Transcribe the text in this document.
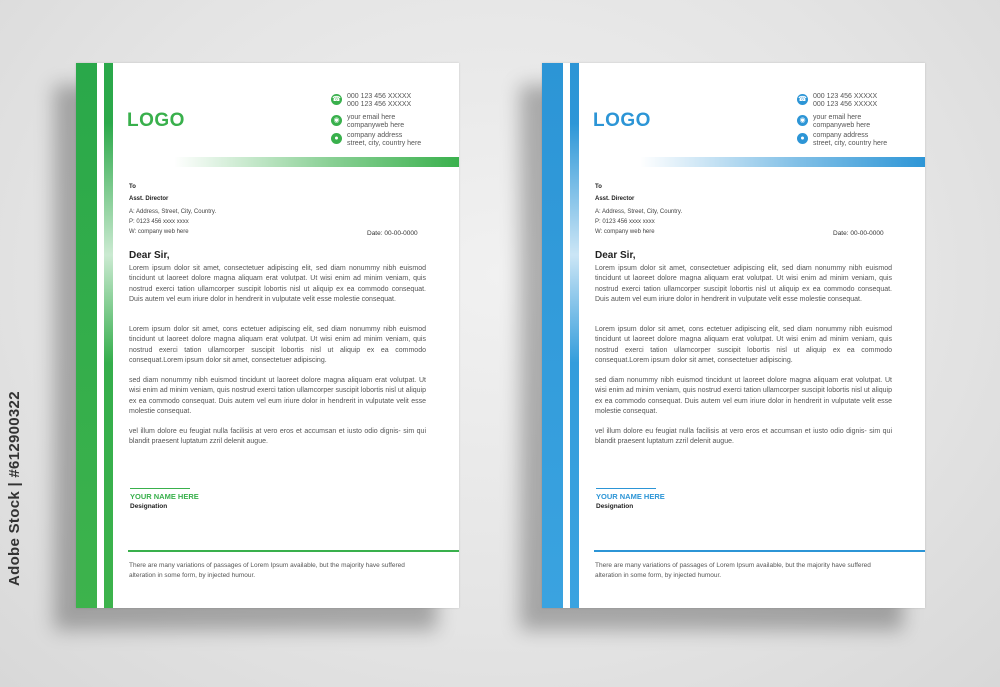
Adobe Stock | #612900322
LOGO
☎ 000 123 456 XXXXX
000 123 456 XXXXX
◉	your email here
companyweb here
●	company address
street, city, country here
To
Asst. Director
A: Address, Street, City, Country.
P: 0123 456 xxxx xxxx
W: company web here	Date: 00-00-0000
Dear Sir,
Lorem ipsum dolor sit amet, consectetuer adipiscing elit, sed diam nonummy nibh euismod tincidunt ut laoreet dolore magna aliquam erat volutpat. Ut wisi enim ad minim veniam, quis nostrud exerci tation ullamcorper suscipit lobortis nisl ut aliquip ex ea commodo consequat. Duis autem vel eum iriure dolor in hendrerit in vulputate velit esse molestie consequat.
Lorem ipsum dolor sit amet, cons ectetuer adipiscing elit, sed diam nonummy nibh euismod tincidunt ut laoreet dolore magna aliquam erat volutpat. Ut wisi enim ad minim veniam, quis nostrud exerci tation ullamcorper suscipit lobortis nisl ut aliquip ex ea commodo consequat.Lorem ipsum dolor sit amet, consectetuer adipiscing.
sed diam nonummy nibh euismod tincidunt ut laoreet dolore magna aliquam erat volutpat. Ut wisi enim ad minim veniam, quis nostrud exerci tation ullamcorper suscipit lobortis nisl ut aliquip ex ea commodo consequat. Duis autem vel eum iriure dolor in hendrerit in vulputate velit esse molestie consequat.
vel illum dolore eu feugiat nulla facilisis at vero eros et accumsan et iusto odio dignis- sim qui blandit praesent luptatum zzril delenit augue.
YOUR NAME HERE
Designation
There are many variations of passages of Lorem Ipsum available, but the majority have suffered alteration in some form, by injected humour.
LOGO
☎ 000 123 456 XXXXX
000 123 456 XXXXX
◉	your email here
companyweb here
●	company address
street, city, country here
To
Asst. Director
A: Address, Street, City, Country.
P: 0123 456 xxxx xxxx
W: company web here	Date: 00-00-0000
Dear Sir,
Lorem ipsum dolor sit amet, consectetuer adipiscing elit, sed diam nonummy nibh euismod tincidunt ut laoreet dolore magna aliquam erat volutpat. Ut wisi enim ad minim veniam, quis nostrud exerci tation ullamcorper suscipit lobortis nisl ut aliquip ex ea commodo consequat. Duis autem vel eum iriure dolor in hendrerit in vulputate velit esse molestie consequat.
Lorem ipsum dolor sit amet, cons ectetuer adipiscing elit, sed diam nonummy nibh euismod tincidunt ut laoreet dolore magna aliquam erat volutpat. Ut wisi enim ad minim veniam, quis nostrud exerci tation ullamcorper suscipit lobortis nisl ut aliquip ex ea commodo consequat.Lorem ipsum dolor sit amet, consectetuer adipiscing.
sed diam nonummy nibh euismod tincidunt ut laoreet dolore magna aliquam erat volutpat. Ut wisi enim ad minim veniam, quis nostrud exerci tation ullamcorper suscipit lobortis nisl ut aliquip ex ea commodo consequat. Duis autem vel eum iriure dolor in hendrerit in vulputate velit esse molestie consequat.
vel illum dolore eu feugiat nulla facilisis at vero eros et accumsan et iusto odio dignis- sim qui blandit praesent luptatum zzril delenit augue.
YOUR NAME HERE
Designation
There are many variations of passages of Lorem Ipsum available, but the majority have suffered alteration in some form, by injected humour.
